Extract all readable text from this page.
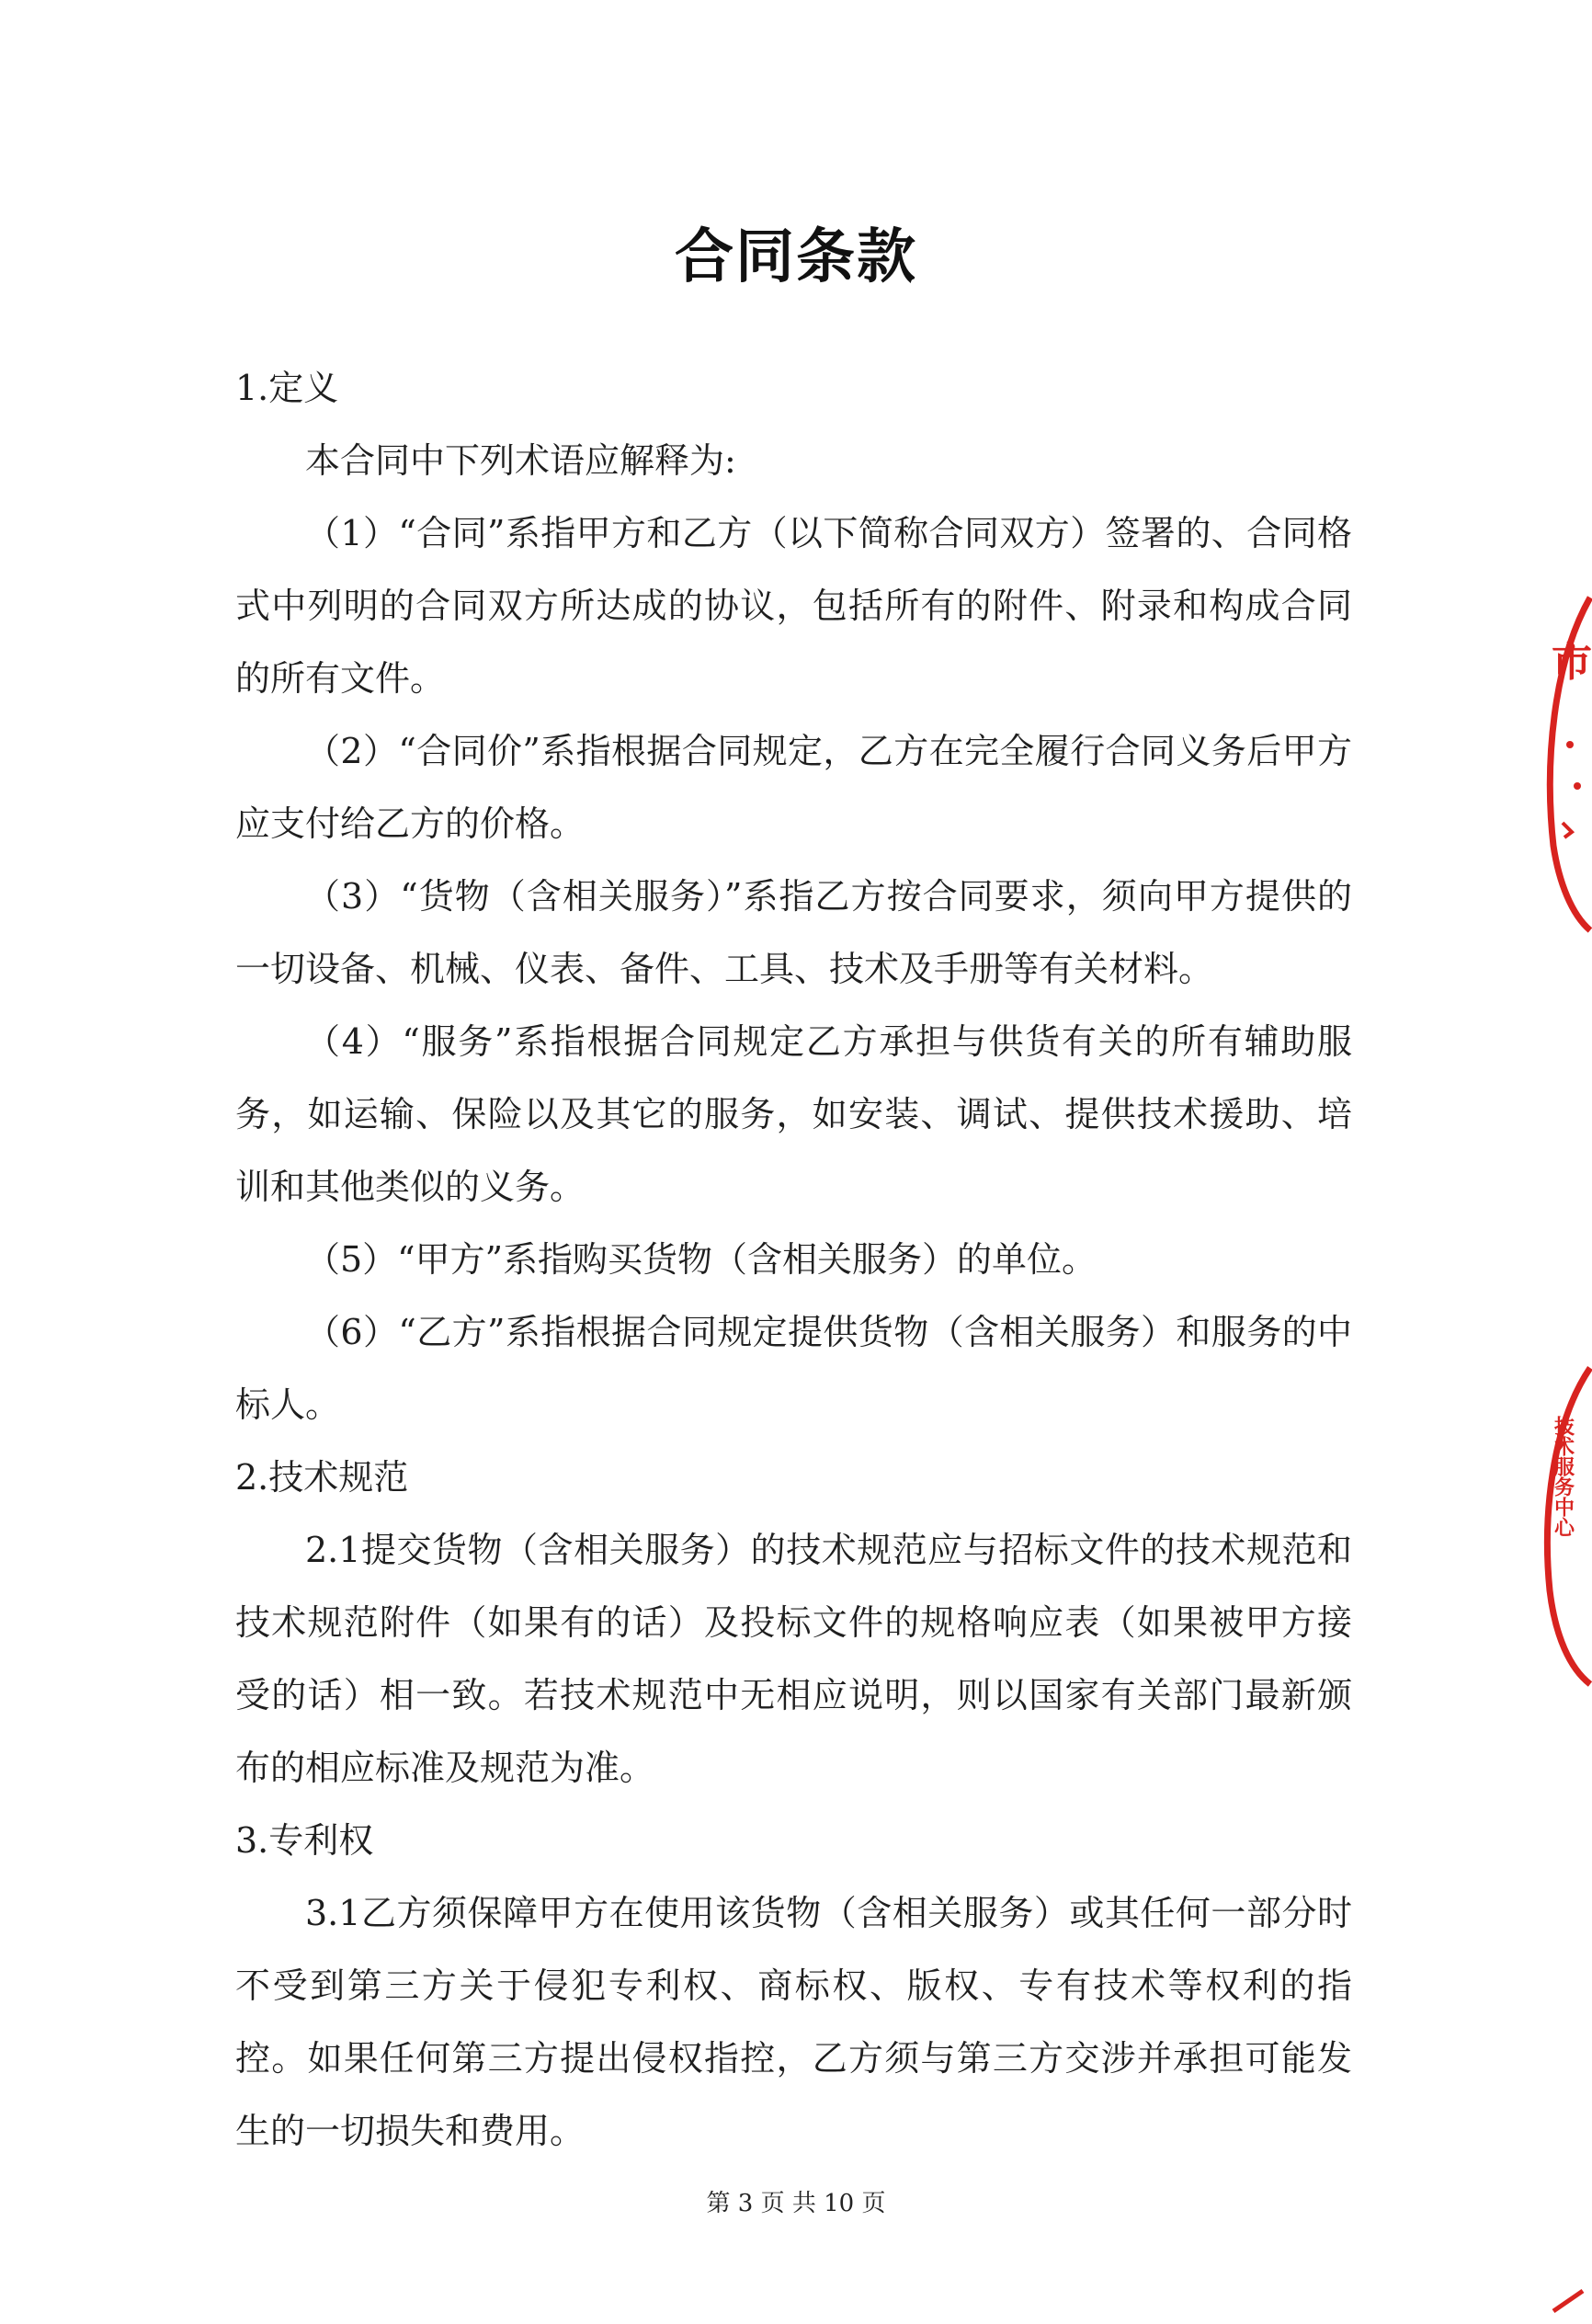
合同条款

1.定义

本合同中下列术语应解释为:

（1）“合同”系指甲方和乙方（以下简称合同双方）签署的、合同格式中列明的合同双方所达成的协议，包括所有的附件、附录和构成合同的所有文件。

（2）“合同价”系指根据合同规定，乙方在完全履行合同义务后甲方应支付给乙方的价格。

（3）“货物（含相关服务）”系指乙方按合同要求，须向甲方提供的一切设备、机械、仪表、备件、工具、技术及手册等有关材料。

（4）“服务”系指根据合同规定乙方承担与供货有关的所有辅助服务，如运输、保险以及其它的服务，如安装、调试、提供技术援助、培训和其他类似的义务。

（5）“甲方”系指购买货物（含相关服务）的单位。

（6）“乙方”系指根据合同规定提供货物（含相关服务）和服务的中标人。

2.技术规范

2.1提交货物（含相关服务）的技术规范应与招标文件的技术规范和技术规范附件（如果有的话）及投标文件的规格响应表（如果被甲方接受的话）相一致。若技术规范中无相应说明，则以国家有关部门最新颁布的相应标准及规范为准。

3.专利权

3.1乙方须保障甲方在使用该货物（含相关服务）或其任何一部分时不受到第三方关于侵犯专利权、商标权、版权、专有技术等权利的指控。如果任何第三方提出侵权指控，乙方须与第三方交涉并承担可能发生的一切损失和费用。

市
技术服务中心
第 3 页 共 10 页
